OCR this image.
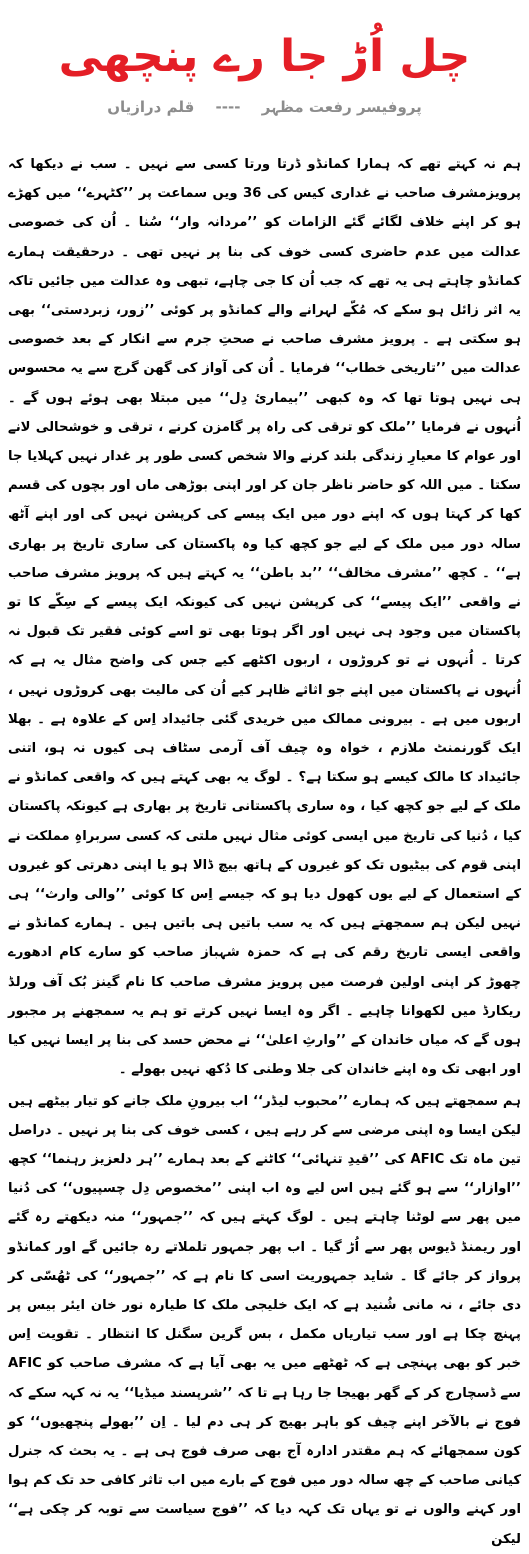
چل اُڑ جا رے پنچھی
پروفیسر رفعت مظہر ---- قلم درازیاں

ہم نہ کہتے تھے کہ ہمارا کمانڈو ڈرتا ورتا کسی سے نہیں ۔ سب نے دیکھا کہ پرویزمشرف صاحب نے غداری کیس کی 36 ویں سماعت پر ’’کٹہرے‘‘ میں کھڑے ہو کر اپنے خلاف لگائے گئے الزامات کو ’’مردانہ وار‘‘ سُنا ۔ اُن کی خصوصی عدالت میں عدم حاضری کسی خوف کی بنا پر نہیں تھی ۔ درحقیقت ہمارے کمانڈو چاہتے ہی یہ تھے کہ جب اُن کا جی چاہے، تبھی وہ عدالت میں جائیں تاکہ یہ اثر زائل ہو سکے کہ مُکّے لہرانے والے کمانڈو پر کوئی ’’زور، زبردستی‘‘ بھی ہو سکتی ہے ۔ پرویز مشرف صاحب نے صحتِ جرم سے انکار کے بعد خصوصی عدالت میں ’’تاریخی خطاب‘‘ فرمایا ۔ اُن کی آواز کی گھن گرج سے یہ محسوس ہی نہیں ہوتا تھا کہ وہ کبھی ’’بیماریٔ دِل‘‘ میں مبتلا بھی ہوئے ہوں گے ۔ اُنہوں نے فرمایا ’’ملک کو ترقی کی راہ پر گامزن کرنے ، ترقی و خوشحالی لانے اور عوام کا معیارِ زندگی بلند کرنے والا شخص کسی طور پر غدار نہیں کہلایا جا سکتا ۔ میں اللہ کو حاضر ناظر جان کر اور اپنی بوڑھی ماں اور بچوں کی قسم کھا کر کہتا ہوں کہ اپنے دور میں ایک پیسے کی کرپشن نہیں کی اور اپنے آٹھ سالہ دور میں ملک کے لیے جو کچھ کیا وہ پاکستان کی ساری تاریخ پر بھاری ہے‘‘ ۔ کچھ ’’مشرف مخالف‘‘ ’’بد باطن‘‘ یہ کہتے ہیں کہ پرویز مشرف صاحب نے واقعی ’’ایک پیسے‘‘ کی کرپشن نہیں کی کیونکہ ایک پیسے کے سِکّے کا تو پاکستان میں وجود ہی نہیں اور اگر ہوتا بھی تو اسے کوئی فقیر تک قبول نہ کرتا ۔ اُنہوں نے تو کروڑوں ، اربوں اکٹھے کیے جس کی واضح مثال یہ ہے کہ اُنہوں نے پاکستان میں اپنے جو اثاثے ظاہر کیے اُن کی مالیت بھی کروڑوں نہیں ، اربوں میں ہے ۔ بیرونی ممالک میں خریدی گئی جائیداد اِس کے علاوہ ہے ۔ بھلا ایک گورنمنٹ ملازم ، خواہ وہ چیف آف آرمی سٹاف ہی کیوں نہ ہو، اتنی جائیداد کا مالک کیسے ہو سکتا ہے؟ ۔ لوگ یہ بھی کہتے ہیں کہ واقعی کمانڈو نے ملک کے لیے جو کچھ کیا ، وہ ساری پاکستانی تاریخ پر بھاری ہے کیونکہ پاکستان کیا ، دُنیا کی تاریخ میں ایسی کوئی مثال نہیں ملتی کہ کسی سربراہِ مملکت نے اپنی قوم کی بیٹیوں تک کو غیروں کے ہاتھ بیچ ڈالا ہو یا اپنی دھرتی کو غیروں کے استعمال کے لیے یوں کھول دیا ہو کہ جیسے اِس کا کوئی ’’والی وارث‘‘ ہی نہیں لیکن ہم سمجھتے ہیں کہ یہ سب باتیں ہی باتیں ہیں ۔ ہمارے کمانڈو نے واقعی ایسی تاریخ رقم کی ہے کہ حمزہ شہباز صاحب کو سارے کام ادھورے چھوڑ کر اپنی اولین فرصت میں پرویز مشرف صاحب کا نام گینز بُک آف ورلڈ ریکارڈ میں لکھوانا چاہیے ۔ اگر وہ ایسا نہیں کرتے تو ہم یہ سمجھنے پر مجبور ہوں گے کہ میاں خاندان کے ’’وارثِ اعلیٰ‘‘ نے محض حسد کی بنا پر ایسا نہیں کیا اور ابھی تک وہ اپنے خاندان کی جلا وطنی کا دُکھ نہیں بھولے ۔

ہم سمجھتے ہیں کہ ہمارے ’’محبوب لیڈر‘‘ اب بیرونِ ملک جانے کو تیار بیٹھے ہیں لیکن ایسا وہ اپنی مرضی سے کر رہے ہیں ، کسی خوف کی بنا پر نہیں ۔ دراصل تین ماہ تک AFIC کی ’’قیدِ تنہائی‘‘ کاٹنے کے بعد ہمارے ’’ہر دلعزیز رہنما‘‘ کچھ ’’اوازار‘‘ سے ہو گئے ہیں اس لیے وہ اب اپنی ’’مخصوص دِل چسپیوں‘‘ کی دُنیا میں پھر سے لوٹنا چاہتے ہیں ۔ لوگ کہتے ہیں کہ ’’جمہور‘‘ منہ دیکھتے رہ گئے اور ریمنڈ ڈیوس پھر سے اُڑ گیا ۔ اب پھر جمہور تلملاتے رہ جائیں گے اور کمانڈو پرواز کر جائے گا ۔ شاید جمہوریت اسی کا نام ہے کہ ’’جمہور‘‘ کی ٹھُسّی کر دی جائے ، نہ مانی شُنید ہے کہ ایک خلیجی ملک کا طیارہ نور خان ایئر بیس پر پہنچ چکا ہے اور سب تیاریاں مکمل ، بس گرین سگنل کا انتظار ۔ تقویت اِس خبر کو بھی پہنچی ہے کہ ٹھٹھے میں یہ بھی آیا ہے کہ مشرف صاحب کو AFIC سے ڈسچارج کر کے گھر بھیجا جا رہا ہے تا کہ ’’شرپسند میڈیا‘‘ یہ نہ کہہ سکے کہ فوج نے بالآخر اپنے چیف کو باہر بھیج کر ہی دم لیا ۔ اِن ’’بھولے پنچھیوں‘‘ کو کون سمجھائے کہ ہم مقتدر ادارہ آج بھی صرف فوج ہی ہے ۔ یہ بحث کہ جنرل کیانی صاحب کے چھ سالہ دور میں فوج کے بارے میں اب تاثر کافی حد تک کم ہوا اور کہنے والوں نے تو یہاں تک کہہ دیا کہ ’’فوج سیاست سے توبہ کر چکی ہے‘‘ لیکن
